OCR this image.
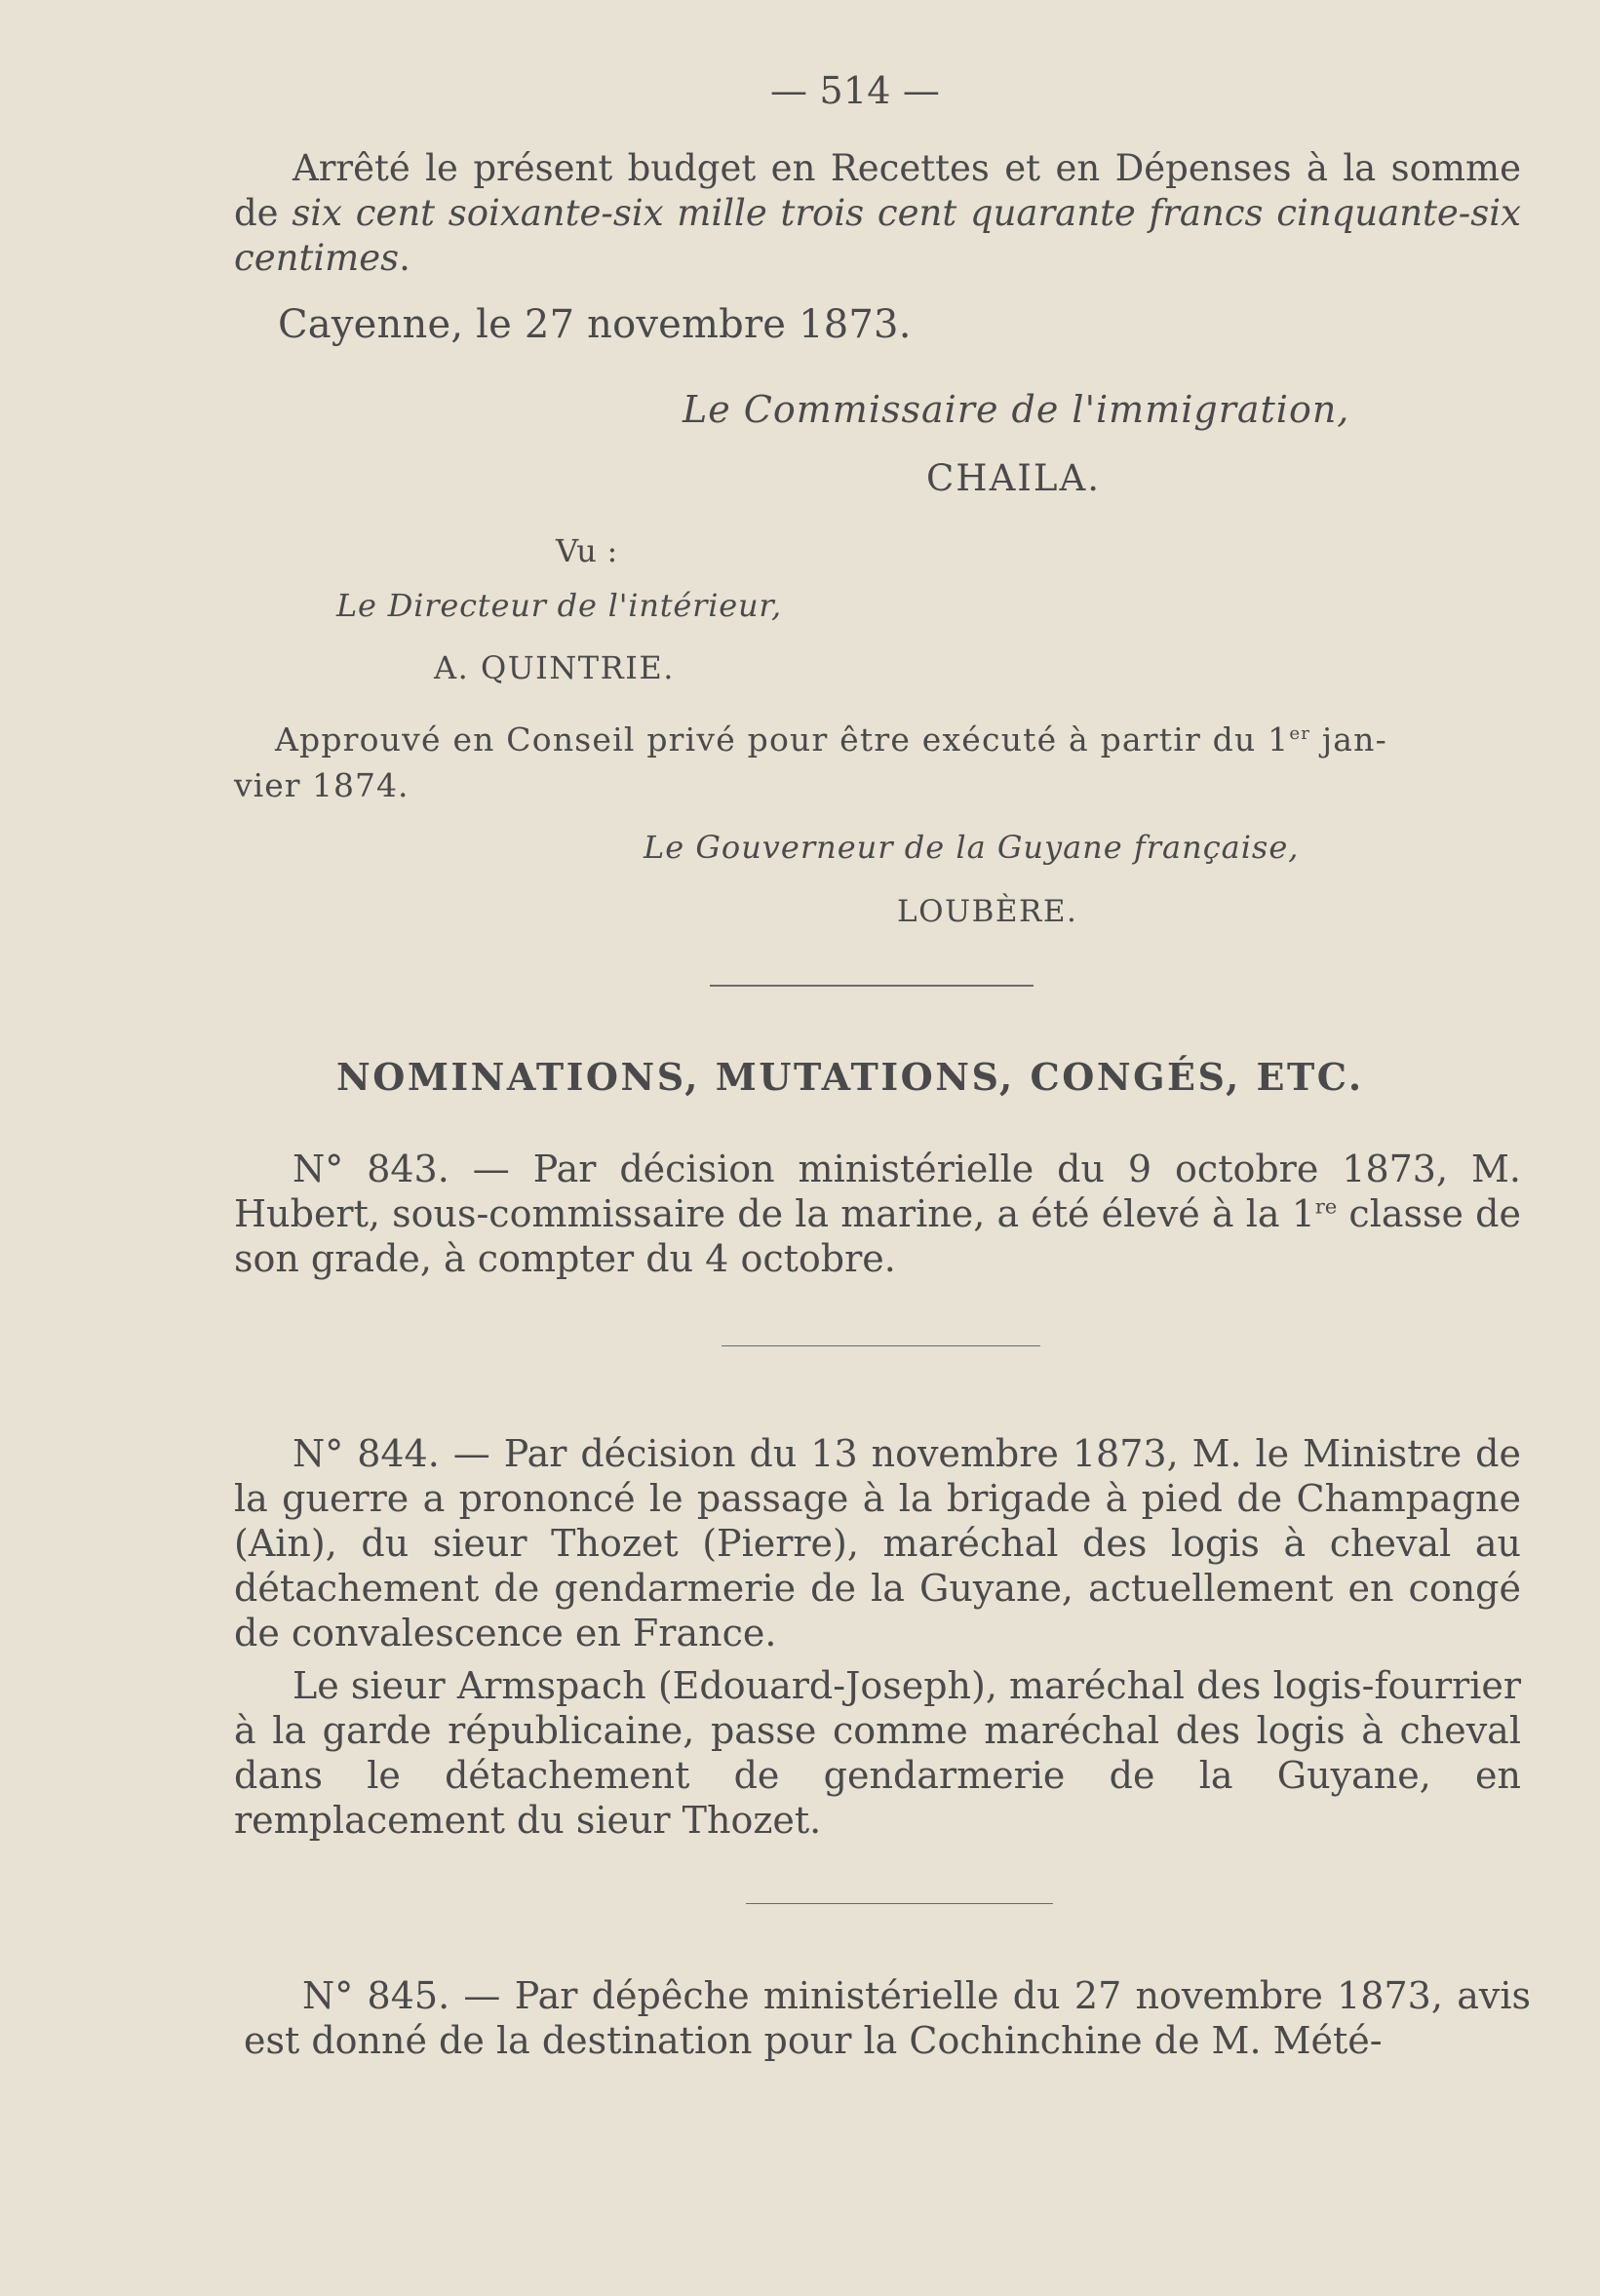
— 514 —

Arrêté le présent budget en Recettes et en Dépenses à la somme de six cent soixante-six mille trois cent quarante francs cinquante-six centimes.

Cayenne, le 27 novembre 1873.
Le Commissaire de l'immigration,
CHAILA.
Vu :
Le Directeur de l'intérieur,
A. QUINTRIE.
Approuvé en Conseil privé pour être exécuté à partir du 1er jan-
vier 1874.
Le Gouverneur de la Guyane française,
LOUBÈRE.
NOMINATIONS, MUTATIONS, CONGÉS, ETC.

N° 843. — Par décision ministérielle du 9 octobre 1873, M. Hubert, sous-commissaire de la marine, a été élevé à la 1re classe de son grade, à compter du 4 octobre.

N° 844. — Par décision du 13 novembre 1873, M. le Ministre de la guerre a prononcé le passage à la brigade à pied de Champagne (Ain), du sieur Thozet (Pierre), maréchal des logis à cheval au détachement de gendarmerie de la Guyane, actuellement en congé de convalescence en France.

Le sieur Armspach (Edouard-Joseph), maréchal des logis-fourrier à la garde républicaine, passe comme maréchal des logis à cheval dans le détachement de gendarmerie de la Guyane, en remplacement du sieur Thozet.

N° 845. — Par dépêche ministérielle du 27 novembre 1873, avis est donné de la destination pour la Cochinchine de M. Mété-
